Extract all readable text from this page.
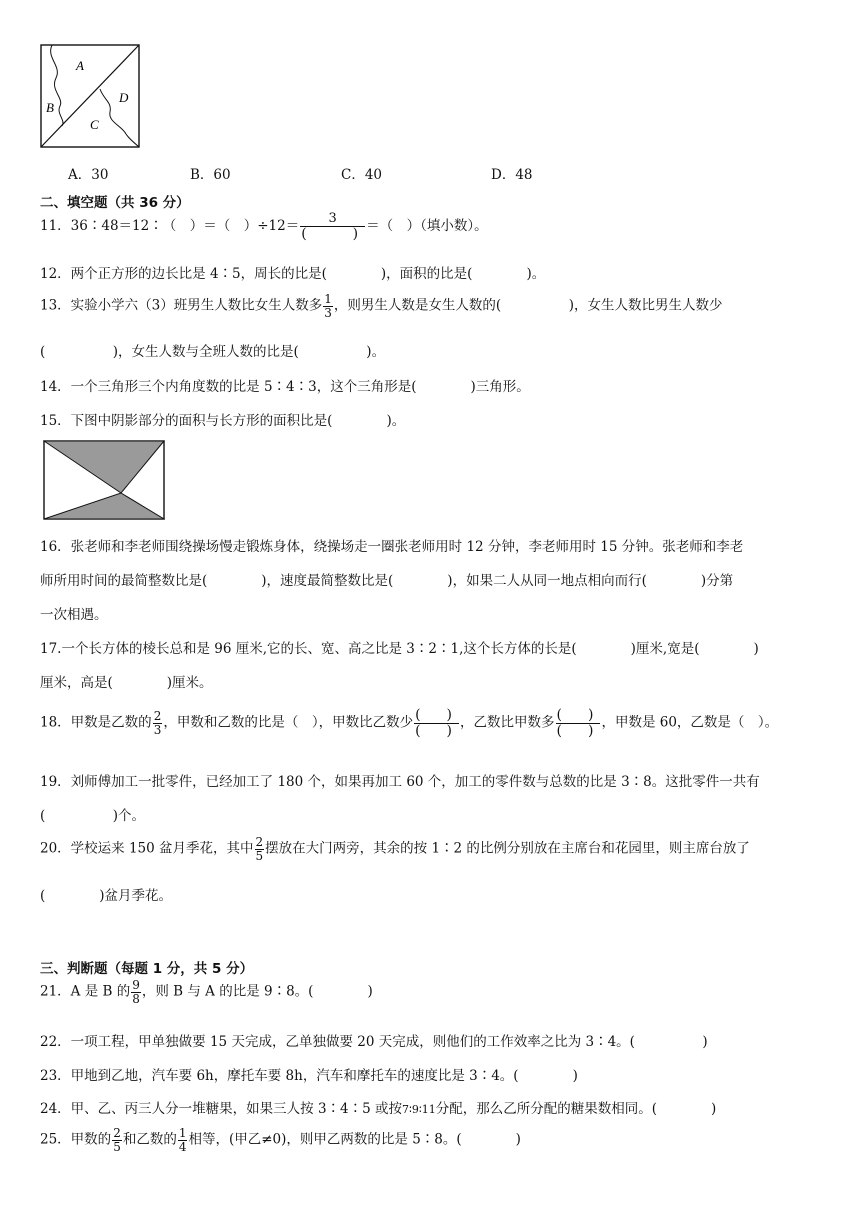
A
B
D
C
A．30	B．60	C．40	D．48
二、填空题（共 36 分）
11．36∶48＝12∶（　）＝（　）$\div 12= \frac{3}{( )}$ ＝（　）（填小数）。
12．两个正方形的边长比是 4∶5，周长的比是(　　　　)，面积的比是(　　　　)。
13．实验小学六（3）班男生人数比女生人数多 $\frac{1}{3}$ ，则男生人数是女生人数的(　　　　　)，女生人数比男生人数少
(　　　　　)，女生人数与全班人数的比是(　　　　　)。
14．一个三角形三个内角度数的比是 5∶4∶3，这个三角形是(　　　　)三角形。
15．下图中阴影部分的面积与长方形的面积比是(　　　　)。
16．张老师和李老师围绕操场慢走锻炼身体，绕操场走一圈张老师用时 12 分钟，李老师用时 15 分钟。张老师和李老
师所用时间的最简整数比是(　　　　)，速度最简整数比是(　　　　)，如果二人从同一地点相向而行(　　　　)分第
一次相遇。
17.一个长方体的棱长总和是 96 厘米,它的长、宽、高之比是 3∶2∶1,这个长方体的长是(　　　　)厘米,宽是(　　　　)
厘米，高是(　　　　)厘米。
18．甲数是乙数的 $\frac{2}{3}$ ，甲数和乙数的比是（　），甲数比乙数少 $\frac{( )}{( )}$ ，乙数比甲数多 $\frac{( )}{( )}$ ，甲数是 60，乙数是（　）。
19．刘师傅加工一批零件，已经加工了 180 个，如果再加工 60 个，加工的零件数与总数的比是 3∶8。这批零件一共有
(　　　　　)个。
20．学校运来 150 盆月季花，其中 $\frac{2}{5}$ 摆放在大门两旁，其余的按 1∶2 的比例分别放在主席台和花园里，则主席台放了
(　　　　)盆月季花。
三、判断题（每题 1 分，共 5 分）
21．A 是 B 的 $\frac{9}{8}$ ，则 B 与 A 的比是 9∶8。(　　　　)
22．一项工程，甲单独做要 15 天完成，乙单独做要 20 天完成，则他们的工作效率之比为 3∶4。(　　　　　)
23．甲地到乙地，汽车要 6h，摩托车要 8h，汽车和摩托车的速度比是 3∶4。(　　　　)
24．甲、乙、丙三人分一堆糖果，如果三人按 3∶4∶5 或按7∶9∶11分配，那么乙所分配的糖果数相同。(　　　　)
25．甲数的 $\frac{2}{5}$ 和乙数的 $\frac{1}{4}$ 相等，(甲乙≠0)，则甲乙两数的比是 5∶8。(　　　　)
